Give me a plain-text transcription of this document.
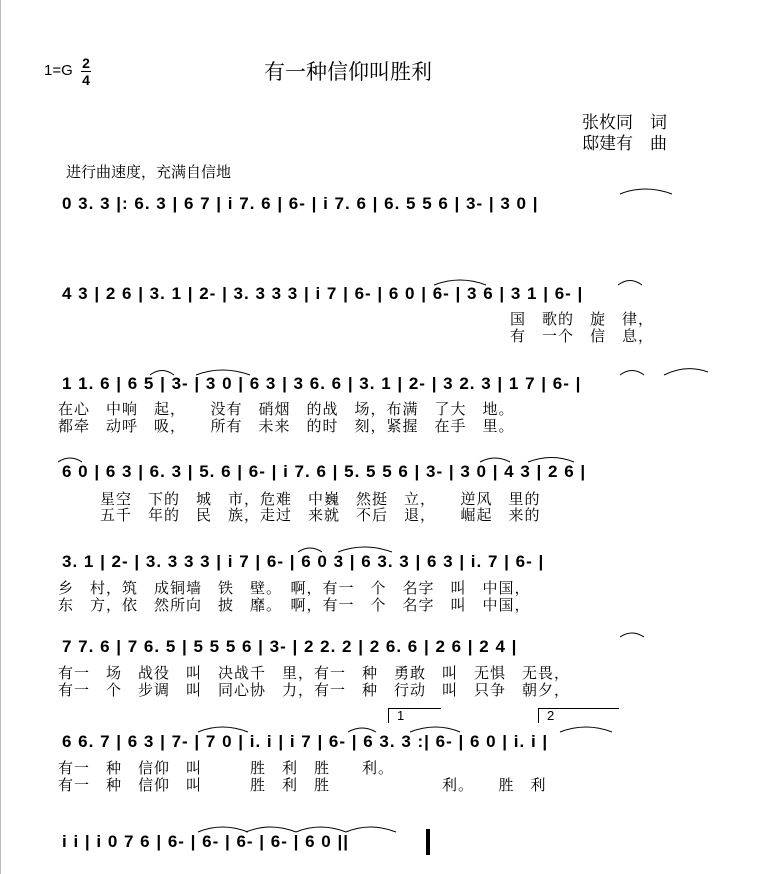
1=G 2
4	有一种信仰叫胜利
张枚同　词
邸建有　曲
进行曲速度，充满自信地
0 3. 3 |: 6. 3 | 6 7 | i 7. 6 | 6- | i 7. 6 | 6. 5 5 6 | 3- | 3 0 |
4 3 | 2 6 | 3. 1 | 2- | 3. 3 3 3 | i 7 | 6- | 6 0 | 6- | 3 6 | 3 1 | 6- |
国　歌的　旋　律，
有　一个　信　息，
1 1. 6 | 6 5 | 3- | 3 0 | 6 3 | 3 6. 6 | 3. 1 | 2- | 3 2. 3 | 1 7 | 6- |
在心　中响　起，　　没有　硝烟　的战　场，布满　了大　地。
都牵　动呼　吸，　　所有　未来　的时　刻，紧握　在手　里。
6 0 | 6 3 | 6. 3 | 5. 6 | 6- | i 7. 6 | 5. 5 5 6 | 3- | 3 0 | 4 3 | 2 6 |
星空　下的　城　市，危难　中巍　然挺　立，　　逆风　里的
五千　年的　民　族，走过　来就　不后　退，　　崛起　来的
3. 1 | 2- | 3. 3 3 3 | i 7 | 6- | 6 0 3 | 6 3. 3 | 6 3 | i. 7 | 6- |
乡　村，筑　成铜墙　铁　壁。　啊，有一　个　名字　叫　中国，
东　方，依　然所向　披　靡。　啊，有一　个　名字　叫　中国，
7 7. 6 | 7 6. 5 | 5 5 5 6 | 3- | 2 2. 2 | 2 6. 6 | 2 6 | 2 4 |
有一　场　战役　叫　决战千　里，有一　种　勇敢　叫　无惧　无畏，
有一　个　步调　叫　同心协　力，有一　种　行动　叫　只争　朝夕，
1	2
6 6. 7 | 6 3 | 7- | 7 0 | i. i | i 7 | 6- | 6 3. 3 :| 6- | 6 0 | i. i |
有一　种　信仰　叫　　　胜　利　胜　　利。
有一　种　信仰　叫　　　胜　利　胜　　　　　　　利。　　胜　利
i i | i 0 7 6 | 6- | 6- | 6- | 6- | 6 0 ||
